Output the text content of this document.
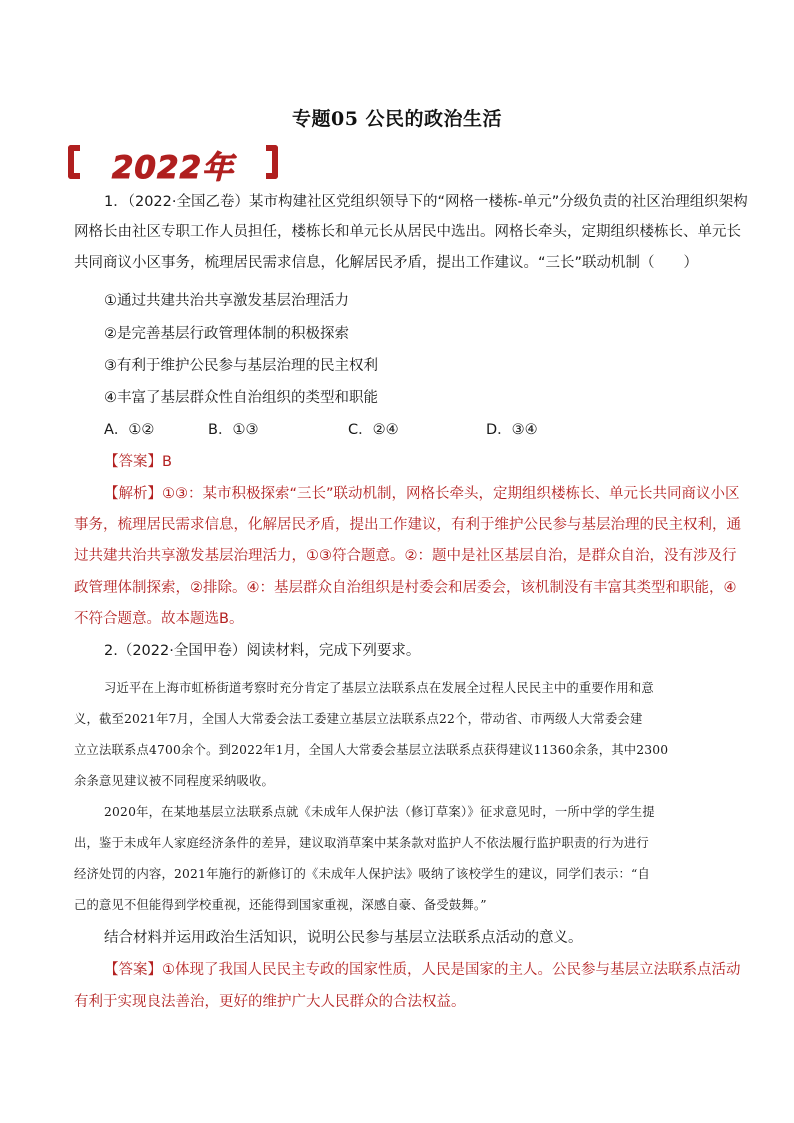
专题05 公民的政治生活
2022年
1．（2022·全国乙卷）某市构建社区党组织领导下的“网格一楼栋-单元”分级负责的社区治理组织架构
网格长由社区专职工作人员担任，楼栋长和单元长从居民中选出。网格长牵头，定期组织楼栋长、单元长
共同商议小区事务，梳理居民需求信息，化解居民矛盾，提出工作建议。“三长”联动机制（　　）
①通过共建共治共享激发基层治理活力
②是完善基层行政管理体制的积极探索
③有利于维护公民参与基层治理的民主权利
④丰富了基层群众性自治组织的类型和职能
A．①②	B．①③	C．②④	D．③④
【答案】B
【解析】①③：某市积极探索“三长”联动机制，网格长牵头，定期组织楼栋长、单元长共同商议小区
事务，梳理居民需求信息，化解居民矛盾，提出工作建议，有利于维护公民参与基层治理的民主权利，通
过共建共治共享激发基层治理活力，①③符合题意。②：题中是社区基层自治，是群众自治，没有涉及行
政管理体制探索，②排除。④：基层群众自治组织是村委会和居委会，该机制没有丰富其类型和职能，④
不符合题意。故本题选B。
2.（2022·全国甲卷）阅读材料，完成下列要求。
习近平在上海市虹桥街道考察时充分肯定了基层立法联系点在发展全过程人民民主中的重要作用和意
义，截至2021年7月，全国人大常委会法工委建立基层立法联系点22个，带动省、市两级人大常委会建
立立法联系点4700余个。到2022年1月，全国人大常委会基层立法联系点获得建议11360余条，其中2300
余条意见建议被不同程度采纳吸收。
2020年，在某地基层立法联系点就《未成年人保护法（修订草案）》征求意见时，一所中学的学生提
出，鉴于未成年人家庭经济条件的差异，建议取消草案中某条款对监护人不依法履行监护职责的行为进行
经济处罚的内容，2021年施行的新修订的《未成年人保护法》吸纳了该校学生的建议，同学们表示：“自
己的意见不但能得到学校重视，还能得到国家重视，深感自豪、备受鼓舞。”
结合材料并运用政治生活知识，说明公民参与基层立法联系点活动的意义。
【答案】①体现了我国人民民主专政的国家性质，人民是国家的主人。公民参与基层立法联系点活动
有利于实现良法善治，更好的维护广大人民群众的合法权益。
